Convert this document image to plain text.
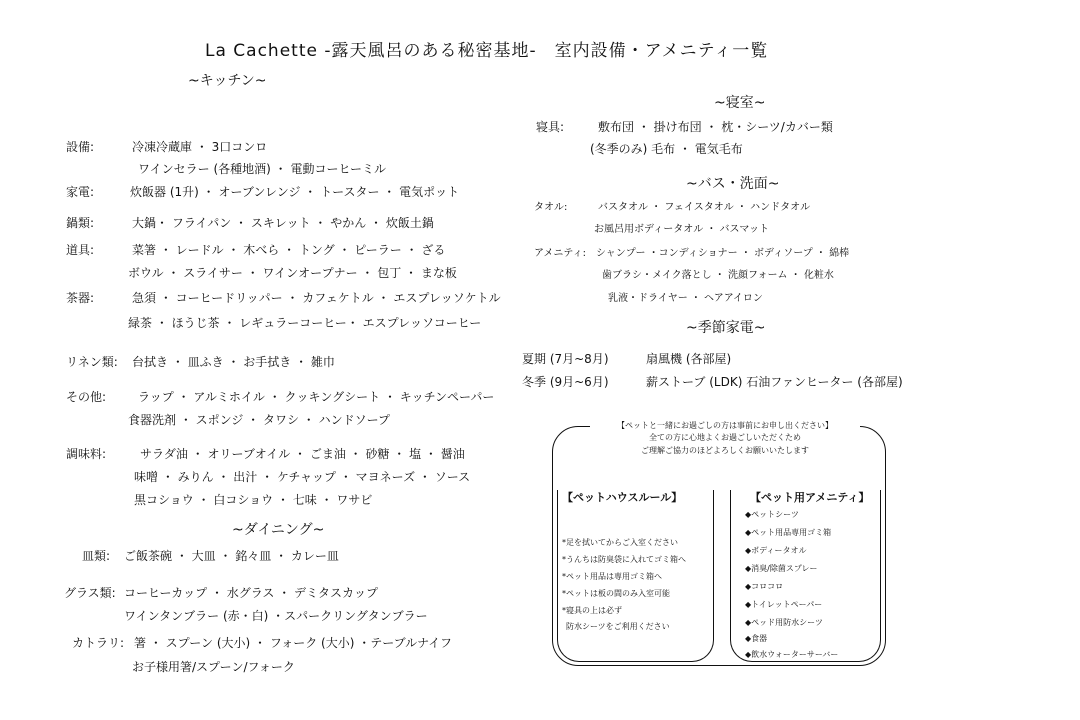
La Cachette -露天風呂のある秘密基地-　室内設備・アメニティ一覧
~キッチン~
設備:	冷凍冷蔵庫 ・ 3口コンロ
ワインセラー (各種地酒) ・ 電動コーヒーミル
家電:	炊飯器 (1升) ・ オーブンレンジ ・ トースター ・ 電気ポット
鍋類:	大鍋・ フライパン ・ スキレット ・ やかん ・ 炊飯土鍋
道具:	菜箸 ・ レードル ・ 木べら ・ トング ・ ピーラー ・ ざる
ボウル ・ スライサー ・ ワインオープナー ・ 包丁 ・ まな板
茶器:	急須 ・ コーヒードリッパー ・ カフェケトル ・ エスプレッソケトル
緑茶 ・ ほうじ茶 ・ レギュラーコーヒー・ エスプレッソコーヒー
リネン類: 台拭き ・ 皿ふき ・ お手拭き ・ 雑巾
その他:	ラップ ・ アルミホイル ・ クッキングシート ・ キッチンペーパー
食器洗剤 ・ スポンジ ・ タワシ ・ ハンドソープ
調味料:	サラダ油 ・ オリーブオイル ・ ごま油 ・ 砂糖 ・ 塩 ・ 醤油
味噌 ・ みりん ・ 出汁 ・ ケチャップ ・ マヨネーズ ・ ソース
黒コショウ ・ 白コショウ ・ 七味 ・ ワサビ
~ダイニング~
皿類: ご飯茶碗 ・ 大皿 ・ 銘々皿 ・ カレー皿
グラス類: コーヒーカップ ・ 水グラス ・ デミタスカップ
ワインタンブラー (赤・白) ・スパークリングタンブラー
カトラリ: 箸 ・ スプーン (大小) ・ フォーク (大小) ・テーブルナイフ
お子様用箸/スプーン/フォーク
~寝室~
寝具:	敷布団 ・ 掛け布団 ・ 枕・シーツ/カバー類
(冬季のみ) 毛布 ・ 電気毛布
~バス・洗面~
タオル:	バスタオル ・ フェイスタオル ・ ハンドタオル
お風呂用ボディータオル ・ バスマット
アメニティ: シャンプー ・コンディショナー ・ ボディソープ ・ 綿棒
歯ブラシ・メイク落とし ・ 洗顔フォーム ・ 化粧水
乳液・ドライヤー ・ ヘアアイロン
~季節家電~
夏期 (7月~8月)	扇風機 (各部屋)
冬季 (9月~6月)	薪ストーブ (LDK) 石油ファンヒーター (各部屋)
【ペットと一緒にお過ごしの方は事前にお申し出ください】
全ての方に心地よくお過ごしいただくため
ご理解ご協力のほどよろしくお願いいたします
【ペットハウスルール】
*足を拭いてからご入室ください
*うんちは防臭袋に入れてゴミ箱へ
*ペット用品は専用ゴミ箱へ
*ペットは板の間のみ入室可能
*寝具の上は必ず
防水シーツをご利用ください
【ペット用アメニティ】
◆ペットシーツ
◆ペット用品専用ゴミ箱
◆ボディータオル
◆消臭/除菌スプレー
◆コロコロ
◆トイレットペーパー
◆ペッド用防水シーツ
◆食器
◆飲水ウォーターサーバー
